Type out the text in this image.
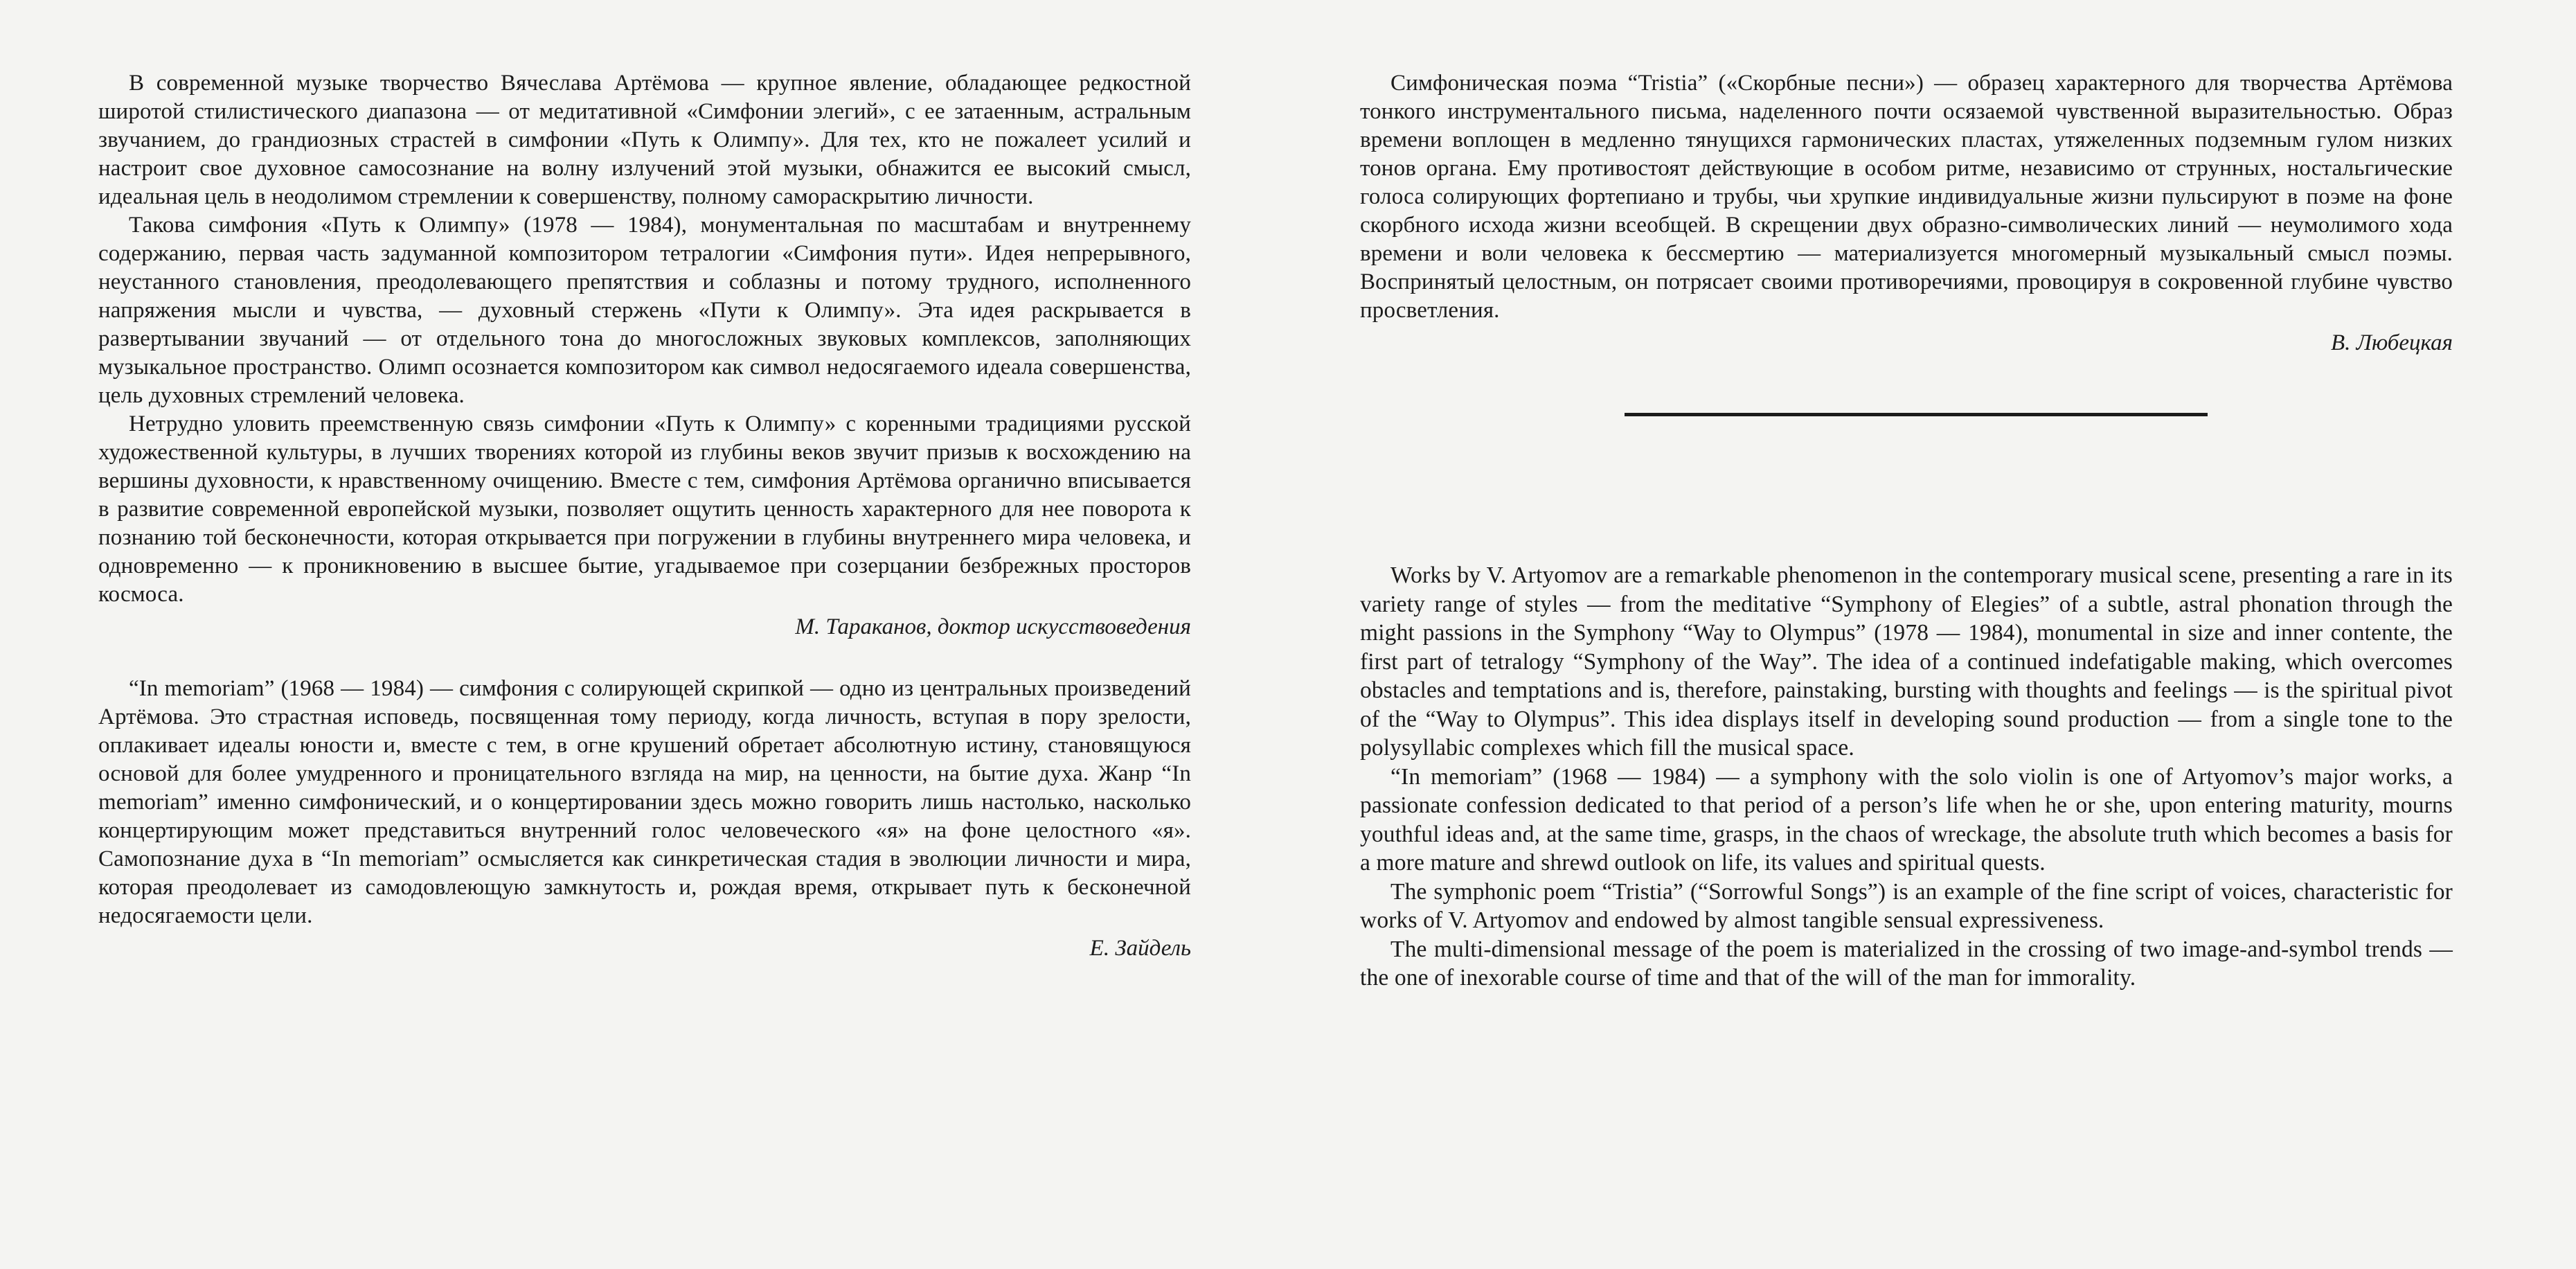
В современной музыке творчество Вячеслава Артёмова — крупное явление, обладающее редкостной широтой стилистического диапазона — от медитативной «Симфонии элегий», с ее затаенным, астральным звучанием, до грандиозных страстей в симфонии «Путь к Олимпу». Для тех, кто не пожалеет усилий и настроит свое духовное самосознание на волну излучений этой музыки, обнажится ее высокий смысл, идеальная цель в неодолимом стремлении к совершенству, полному самораскрытию личности.

Такова симфония «Путь к Олимпу» (1978 — 1984), монументальная по масштабам и внутреннему содержанию, первая часть задуманной композитором тетралогии «Симфония пути». Идея непрерывного, неустанного становления, преодолевающего препятствия и соблазны и потому трудного, исполненного напряжения мысли и чувства, — духовный стержень «Пути к Олимпу». Эта идея раскрывается в развертывании звучаний — от отдельного тона до многосложных звуковых комплексов, заполняющих музыкальное пространство. Олимп осознается композитором как символ недосягаемого идеала совершенства, цель духовных стремлений человека.

Нетрудно уловить преемственную связь симфонии «Путь к Олимпу» с коренными традициями русской художественной культуры, в лучших творениях которой из глубины веков звучит призыв к восхождению на вершины духовности, к нравственному очищению. Вместе с тем, симфония Артёмова органично вписывается в развитие современной европейской музыки, позволяет ощутить ценность характерного для нее поворота к познанию той бесконечности, которая открывается при погружении в глубины внутреннего мира человека, и одновременно — к проникновению в высшее бытие, угадываемое при созерцании безбрежных просторов космоса.

М. Тараканов, доктор искусствоведения

“In memoriam” (1968 — 1984) — симфония с солирующей скрипкой — одно из центральных произведений Артёмова. Это страстная исповедь, посвященная тому периоду, когда личность, вступая в пору зрелости, оплакивает идеалы юности и, вместе с тем, в огне крушений обретает абсолютную истину, становящуюся основой для более умудренного и проницательного взгляда на мир, на ценности, на бытие духа. Жанр “In memoriam” именно симфонический, и о концертировании здесь можно говорить лишь настолько, насколько концертирующим может представиться внутренний голос человеческого «я» на фоне целостного «я». Самопознание духа в “In memoriam” осмысляется как синкретическая стадия в эволюции личности и мира, которая преодолевает из самодовлеющую замкнутость и, рождая время, открывает путь к бесконечной недосягаемости цели.

Е. Зайдель

Симфоническая поэма “Tristia” («Скорбные песни») — образец характерного для творчества Артёмова тонкого инструментального письма, наделенного почти осязаемой чувственной выразительностью. Образ времени воплощен в медленно тянущихся гармонических пластах, утяжеленных подземным гулом низких тонов органа. Ему противостоят действующие в особом ритме, независимо от струнных, ностальгические голоса солирующих фортепиано и трубы, чьи хрупкие индивидуальные жизни пульсируют в поэме на фоне скорбного исхода жизни всеобщей. В скрещении двух образно-символических линий — неумолимого хода времени и воли человека к бессмертию — материализуется многомерный музыкальный смысл поэмы. Воспринятый целостным, он потрясает своими противоречиями, провоцируя в сокровенной глубине чувство просветления.

В. Любецкая

Works by V. Artyomov are a remarkable phenomenon in the contemporary musical scene, presenting a rare in its variety range of styles — from the meditative “Symphony of Elegies” of a subtle, astral phonation through the might passions in the Symphony “Way to Olympus” (1978 — 1984), monumental in size and inner contente, the first part of tetralogy “Symphony of the Way”. The idea of a continued indefatigable making, which overcomes obstacles and temptations and is, therefore, painstaking, bursting with thoughts and feelings — is the spiritual pivot of the “Way to Olympus”. This idea displays itself in developing sound production — from a single tone to the polysyllabic complexes which fill the musical space.

“In memoriam” (1968 — 1984) — a symphony with the solo violin is one of Artyomov’s major works, a passionate confession dedicated to that period of a person’s life when he or she, upon entering maturity, mourns youthful ideas and, at the same time, grasps, in the chaos of wreckage, the absolute truth which becomes a basis for a more mature and shrewd outlook on life, its values and spiritual quests.

The symphonic poem “Tristia” (“Sorrowful Songs”) is an example of the fine script of voices, characteristic for works of V. Artyomov and endowed by almost tangible sensual expressiveness.

The multi-dimensional message of the poem is materialized in the crossing of two image-and-symbol trends — the one of inexorable course of time and that of the will of the man for immorality.
